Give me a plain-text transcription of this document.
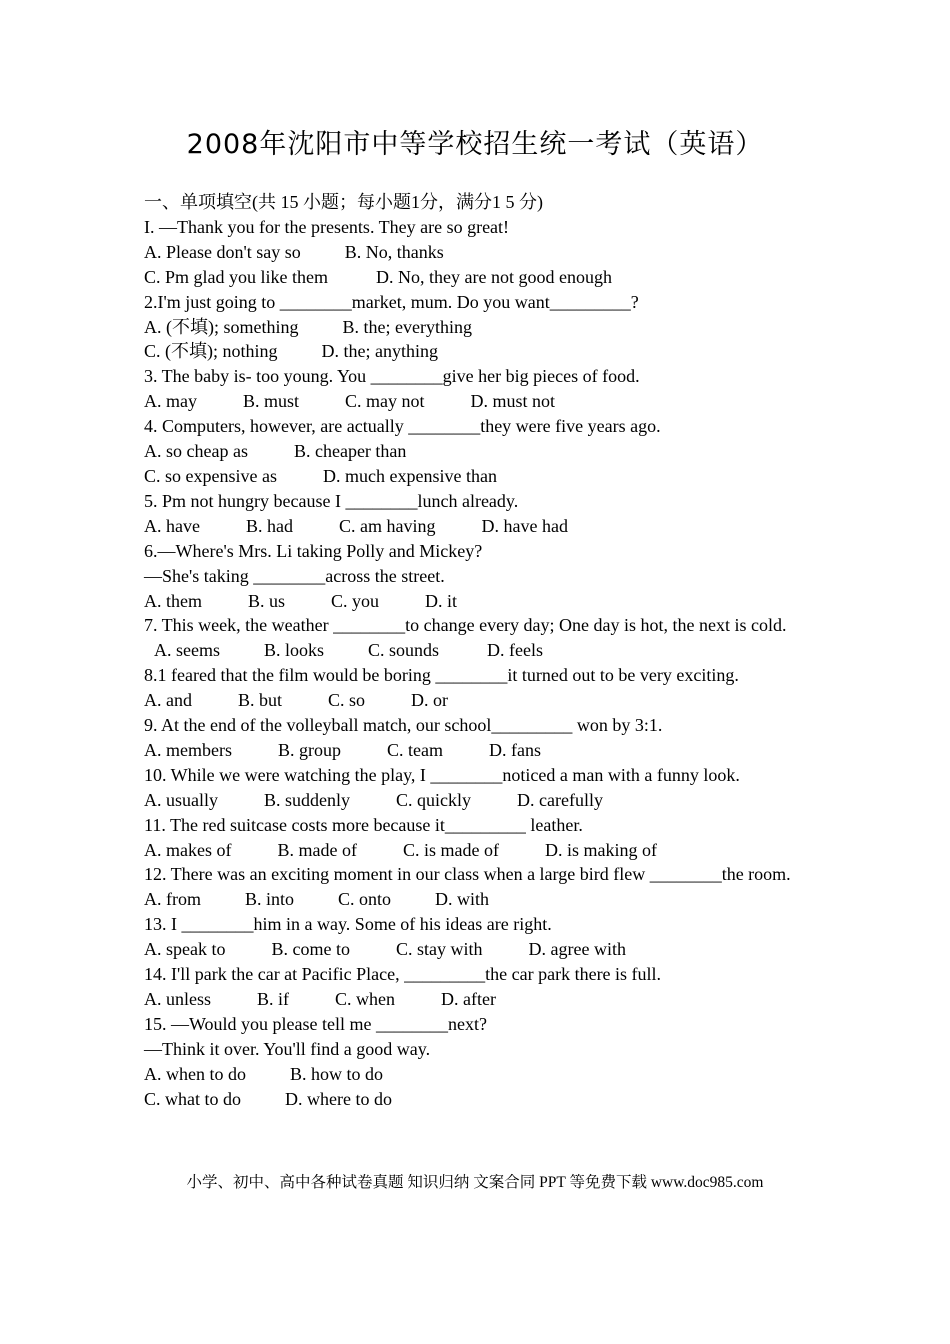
2008年沈阳市中等学校招生统一考试（英语）
一、单项填空(共 15 小题；每小题1分，满分1 5 分)
I. —Thank you for the presents. They are so great!
A. Please don't say so B. No, thanks
C. Pm glad you like them	D. No, they are not good enough
2.I'm just going to ________market, mum. Do you want_________?
A. (不填); something B. the; everything
C. (不填); nothing D. the; anything
3. The baby is- too young. You ________give her big pieces of food.
A. may	B. must	C. may not	D. must not
4. Computers, however, are actually ________they were five years ago.
A. so cheap as	B. cheaper than
C. so expensive as	D. much expensive than
5. Pm not hungry because I ________lunch already.
A. have	B. had	C. am having	D. have had
6.—Where's Mrs. Li taking Polly and Mickey?
—She's taking ________across the street.
A. them	B. us	C. you	D. it
7. This week, the weather ________to change every day; One day is hot, the next is cold.
A. seems B. looks C. sounds	D. feels
8.1 feared that the film would be boring ________it turned out to be very exciting.
A. and	B. but	C. so	D. or
9. At the end of the volleyball match, our school_________ won by 3:1.
A. members	B. group	C. team	D. fans
10. While we were watching the play, I ________noticed a man with a funny look.
A. usually	B. suddenly	C. quickly	D. carefully
11. The red suitcase costs more because it_________ leather.
A. makes of	B. made of	C. is made of	D. is making of
12. There was an exciting moment in our class when a large bird flew ________the room.
A. from B. into C. onto D. with
13. I ________him in a way. Some of his ideas are right.
A. speak to	B. come to	C. stay with	D. agree with
14. I'll park the car at Pacific Place, _________the car park there is full.
A. unless	B. if	C. when	D. after
15. —Would you please tell me ________next?
—Think it over. You'll find a good way.
A. when to do B. how to do
C. what to do D. where to do
小学、初中、高中各种试卷真题 知识归纳 文案合同 PPT 等免费下载 www.doc985.com
